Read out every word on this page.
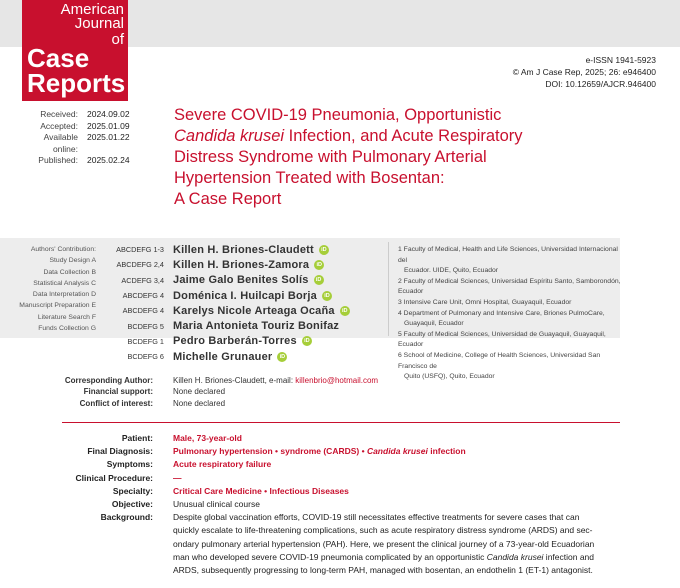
American
Journal
of
Case
Reports
e-ISSN 1941-5923
© Am J Case Rep, 2025; 26: e946400
DOI: 10.12659/AJCR.946400
Received: 2024.09.02
Accepted: 2025.01.09
Available online:
2025.01.22
Published: 2025.02.24
Severe COVID-19 Pneumonia, Opportunistic
Candida krusei Infection, and Acute Respiratory
Distress Syndrome with Pulmonary Arterial
Hypertension Treated with Bosentan:
A Case Report
Authors' Contribution:
Study Design A
Data Collection B
Statistical Analysis C
Data Interpretation D
Manuscript Preparation E
Literature Search F
Funds Collection G
ABCDEFG 1-3 Killen H. Briones-Claudett	iD
ABCDEFG 2,4 Killen H. Briones-Zamora	iD
ACDEFG 3,4 Jaime Galo Benites Solís	iD
ABCDEFG 4 Doménica I. Huilcapi Borja	iD
ABCDEFG 4 Karelys Nicole Arteaga Ocaña	iD
BCDEFG 5 Maria Antonieta Touriz Bonifaz
BCDEFG 1 Pedro Barberán-Torres	iD
BCDEFG 6 Michelle Grunauer	iD
1 Faculty of Medical, Health and Life Sciences, Universidad Internacional del
Ecuador. UIDE, Quito, Ecuador
2 Faculty of Medical Sciences, Universidad Espíritu Santo, Samborondón, Ecuador
3 Intensive Care Unit, Omni Hospital, Guayaquil, Ecuador
4 Department of Pulmonary and Intensive Care, Briones PulmoCare,
Guayaquil, Ecuador
5 Faculty of Medical Sciences, Universidad de Guayaquil, Guayaquil, Ecuador
6 School of Medicine, College of Health Sciences, Universidad San Francisco de
Quito (USFQ), Quito, Ecuador
Corresponding Author:	Killen H. Briones-Claudett, e-mail: killenbrio@hotmail.com
Financial support:	None declared
Conflict of interest:	None declared
Patient: Male, 73-year-old
Final Diagnosis: Pulmonary hypertension • syndrome (CARDS) • Candida krusei infection
Symptoms: Acute respiratory failure
Clinical Procedure: —
Specialty: Critical Care Medicine • Infectious Diseases
Objective: Unusual clinical course
Background: Despite global vaccination efforts, COVID-19 still necessitates effective treatments for severe cases that can
quickly escalate to life-threatening complications, such as acute respiratory distress syndrome (ARDS) and sec-
ondary pulmonary arterial hypertension (PAH). Here, we present the clinical journey of a 73-year-old Ecuadorian
man who developed severe COVID-19 pneumonia complicated by an opportunistic Candida krusei infection and
ARDS, subsequently progressing to long-term PAH, managed with bosentan, an endothelin 1 (ET-1) antagonist.
